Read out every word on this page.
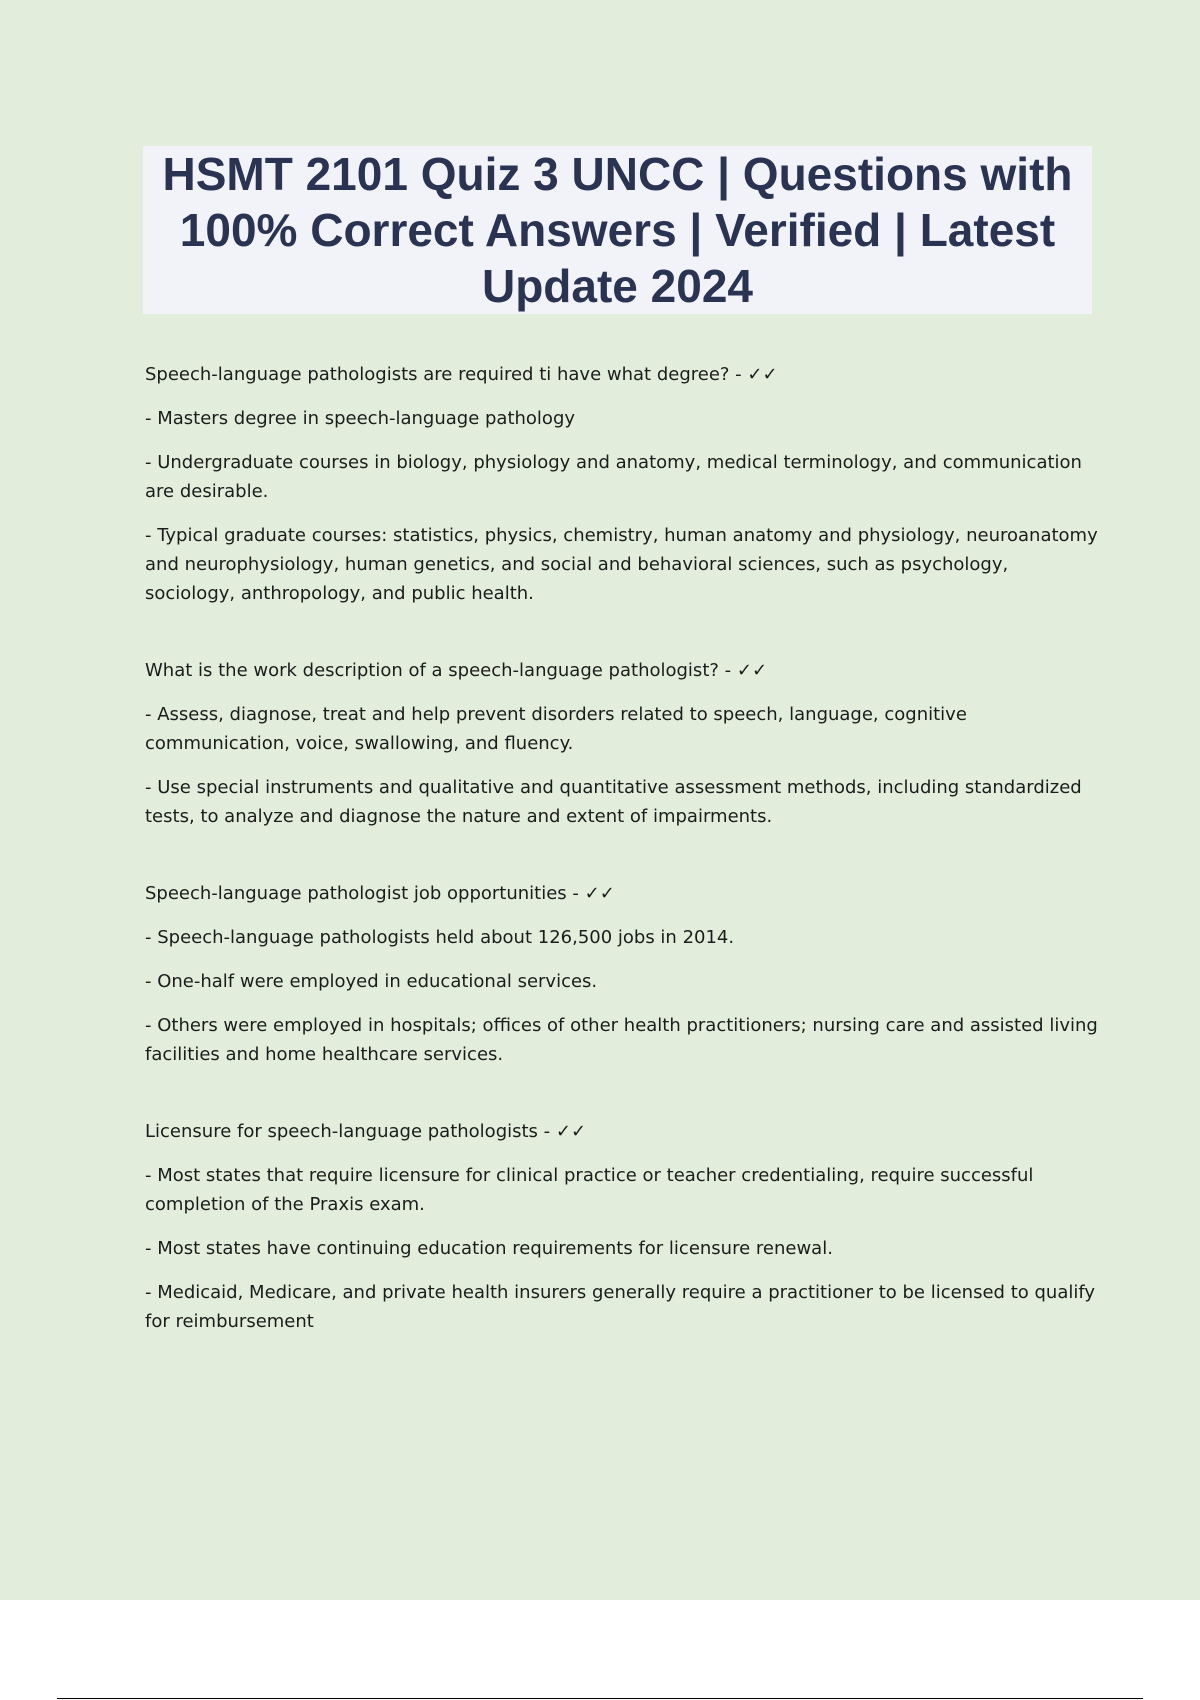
HSMT 2101 Quiz 3 UNCC | Questions with 100% Correct Answers | Verified | Latest Update 2024

Speech-language pathologists are required ti have what degree? - ✓✓

- Masters degree in speech-language pathology

- Undergraduate courses in biology, physiology and anatomy, medical terminology, and communication are desirable.

- Typical graduate courses: statistics, physics, chemistry, human anatomy and physiology, neuroanatomy and neurophysiology, human genetics, and social and behavioral sciences, such as psychology, sociology, anthropology, and public health.

What is the work description of a speech-language pathologist? - ✓✓

- Assess, diagnose, treat and help prevent disorders related to speech, language, cognitive communication, voice, swallowing, and fluency.

- Use special instruments and qualitative and quantitative assessment methods, including standardized tests, to analyze and diagnose the nature and extent of impairments.

Speech-language pathologist job opportunities - ✓✓

- Speech-language pathologists held about 126,500 jobs in 2014.

- One-half were employed in educational services.

- Others were employed in hospitals; offices of other health practitioners; nursing care and assisted living facilities and home healthcare services.

Licensure for speech-language pathologists - ✓✓

- Most states that require licensure for clinical practice or teacher credentialing, require successful completion of the Praxis exam.

- Most states have continuing education requirements for licensure renewal.

- Medicaid, Medicare, and private health insurers generally require a practitioner to be licensed to qualify for reimbursement
